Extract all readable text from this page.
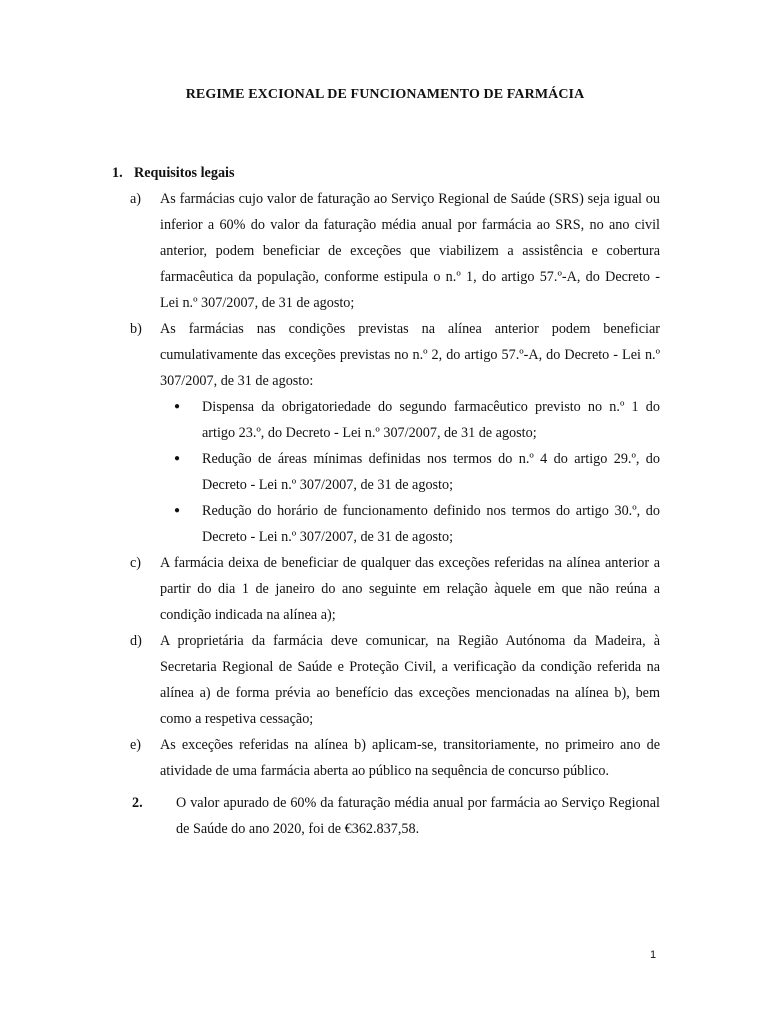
REGIME EXCIONAL DE FUNCIONAMENTO DE FARMÁCIA
1. Requisitos legais
a)	As farmácias cujo valor de faturação ao Serviço Regional de Saúde (SRS) seja igual ou inferior a 60% do valor da faturação média anual por farmácia ao SRS, no ano civil anterior, podem beneficiar de exceções que viabilizem a assistência e cobertura farmacêutica da população, conforme estipula o n.º 1, do artigo 57.º-A, do Decreto - Lei n.º 307/2007, de 31 de agosto;
b)	As farmácias nas condições previstas na alínea anterior podem beneficiar cumulativamente das exceções previstas no n.º 2, do artigo 57.º-A, do Decreto - Lei n.º 307/2007, de 31 de agosto:
●	Dispensa da obrigatoriedade do segundo farmacêutico previsto no n.º 1 do artigo 23.º, do Decreto - Lei n.º 307/2007, de 31 de agosto;
●	Redução de áreas mínimas definidas nos termos do n.º 4 do artigo 29.º, do Decreto - Lei n.º 307/2007, de 31 de agosto;
●	Redução do horário de funcionamento definido nos termos do artigo 30.º, do Decreto - Lei n.º 307/2007, de 31 de agosto;
c)	A farmácia deixa de beneficiar de qualquer das exceções referidas na alínea anterior a partir do dia 1 de janeiro do ano seguinte em relação àquele em que não reúna a condição indicada na alínea a);
d)	A proprietária da farmácia deve comunicar, na Região Autónoma da Madeira, à Secretaria Regional de Saúde e Proteção Civil, a verificação da condição referida na alínea a) de forma prévia ao benefício das exceções mencionadas na alínea b), bem como a respetiva cessação;
e)	As exceções referidas na alínea b) aplicam-se, transitoriamente, no primeiro ano de atividade de uma farmácia aberta ao público na sequência de concurso público.
2.	O valor apurado de 60% da faturação média anual por farmácia ao Serviço Regional de Saúde do ano 2020, foi de €362.837,58.
1
